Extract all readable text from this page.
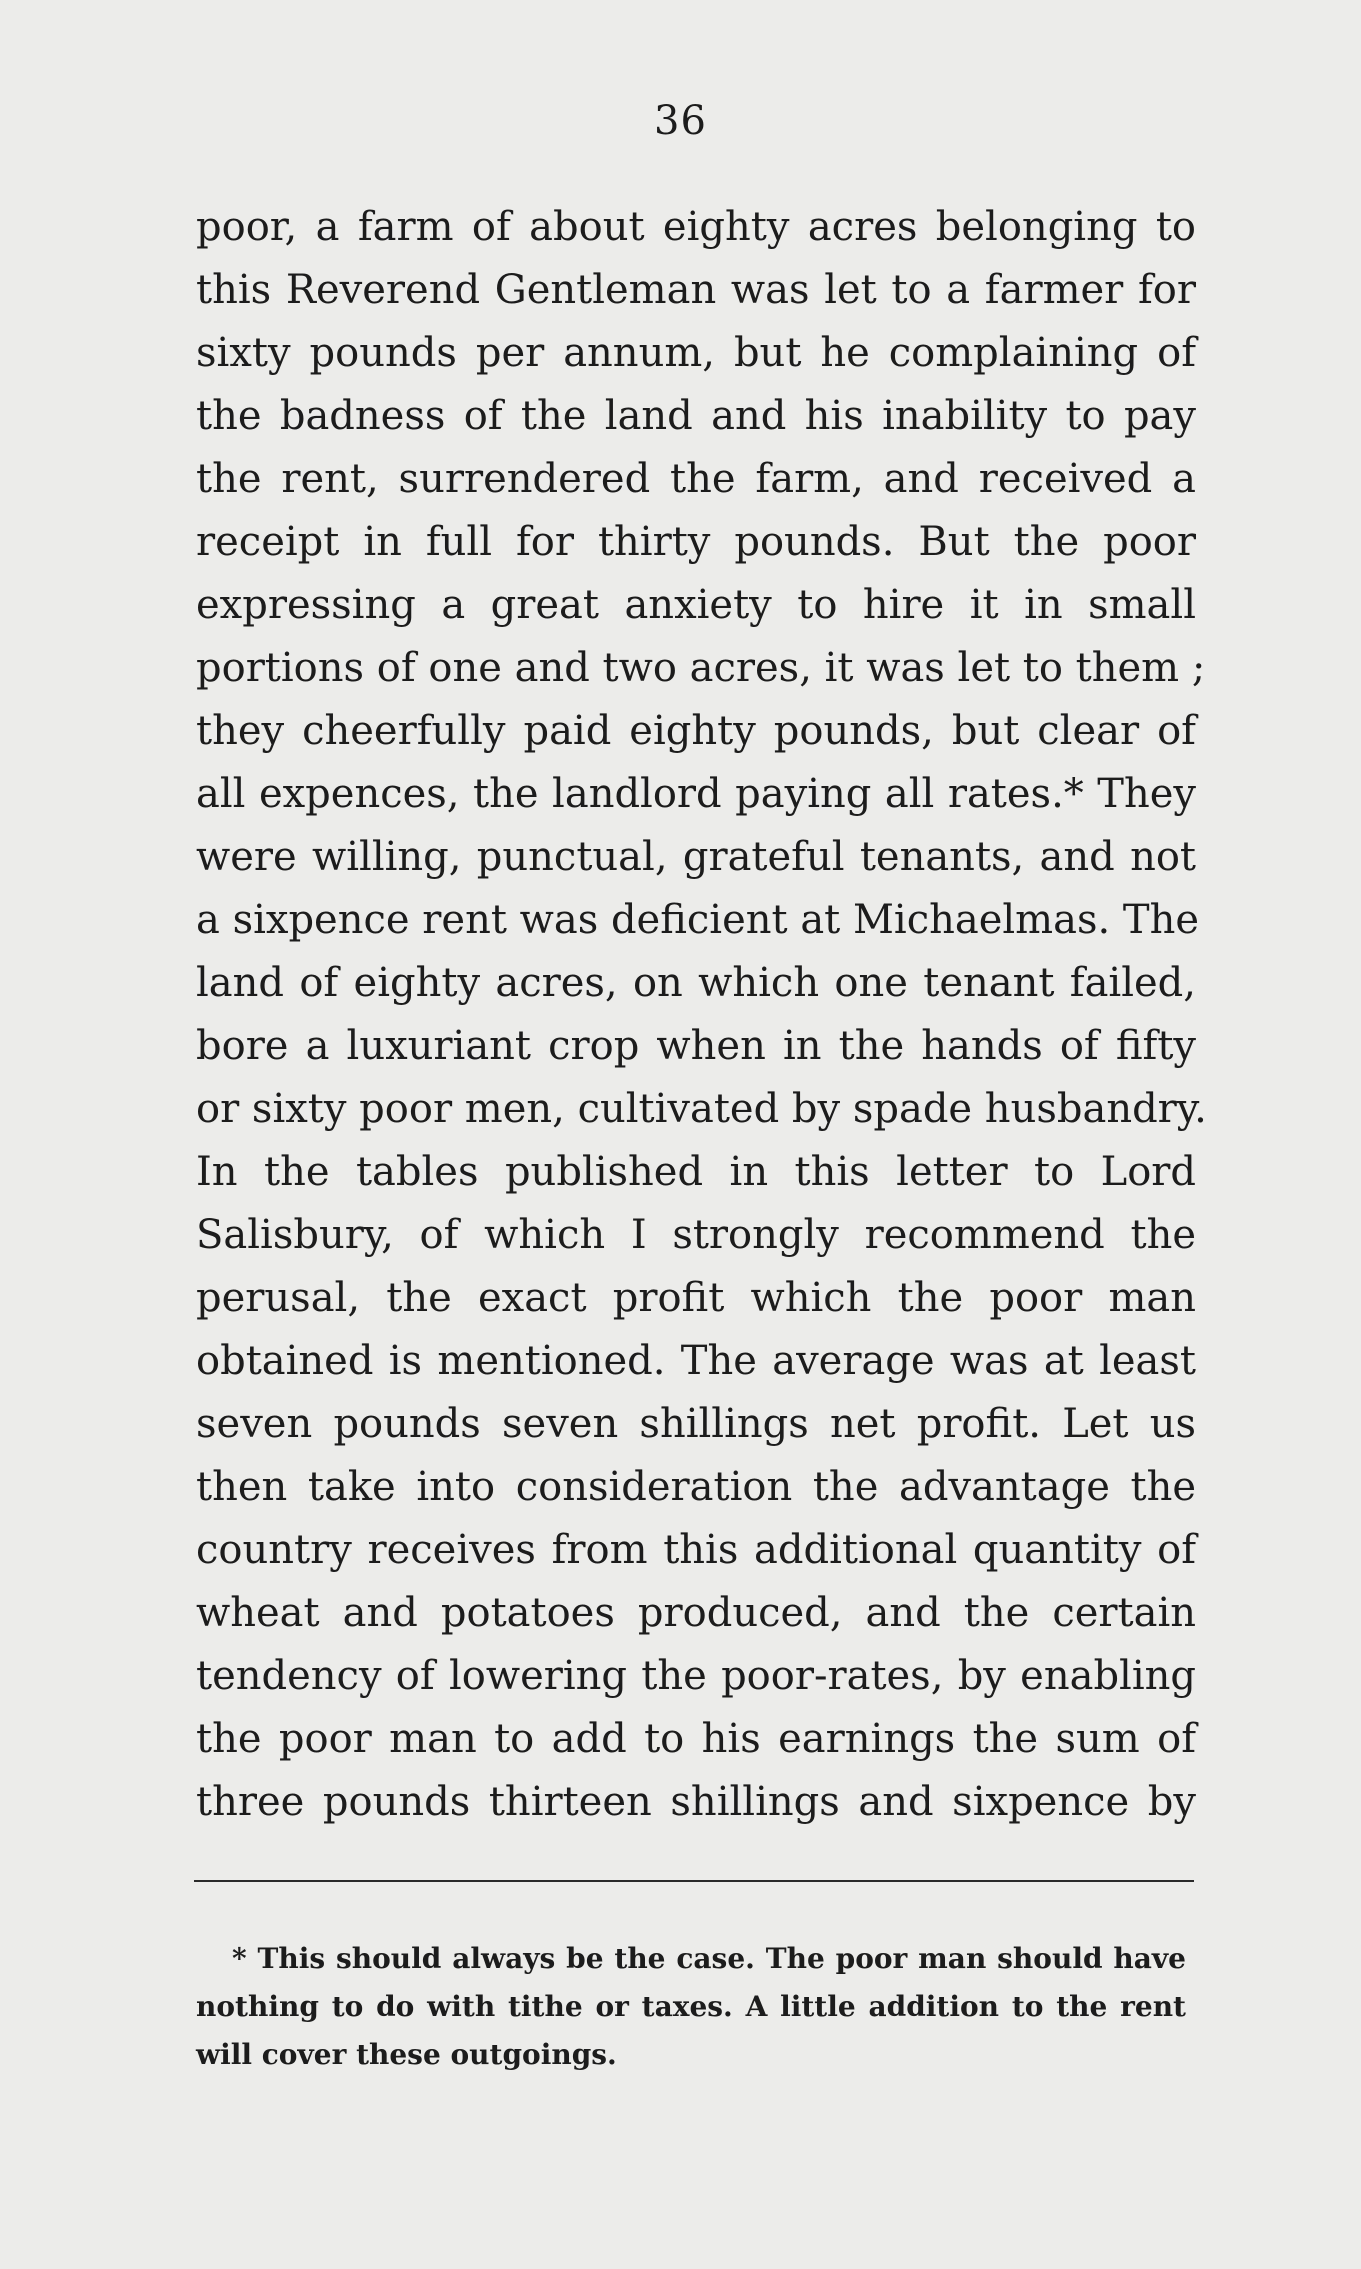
36
poor, a farm of about eighty acres belonging to
this Reverend Gentleman was let to a farmer for
sixty pounds per annum, but he complaining of
the badness of the land and his inability to pay
the rent, surrendered the farm, and received a
receipt in full for thirty pounds. But the poor
expressing a great anxiety to hire it in small
portions of one and two acres, it was let to them ;
they cheerfully paid eighty pounds, but clear of
all expences, the landlord paying all rates.* They
were willing, punctual, grateful tenants, and not
a sixpence rent was deficient at Michaelmas. The
land of eighty acres, on which one tenant failed,
bore a luxuriant crop when in the hands of fifty
or sixty poor men, cultivated by spade husbandry.
In the tables published in this letter to Lord
Salisbury, of which I strongly recommend the
perusal, the exact profit which the poor man
obtained is mentioned. The average was at least
seven pounds seven shillings net profit. Let us
then take into consideration the advantage the
country receives from this additional quantity of
wheat and potatoes produced, and the certain
tendency of lowering the poor-rates, by enabling
the poor man to add to his earnings the sum of
three pounds thirteen shillings and sixpence by
* This should always be the case. The poor man should have
nothing to do with tithe or taxes. A little addition to the rent
will cover these outgoings.
